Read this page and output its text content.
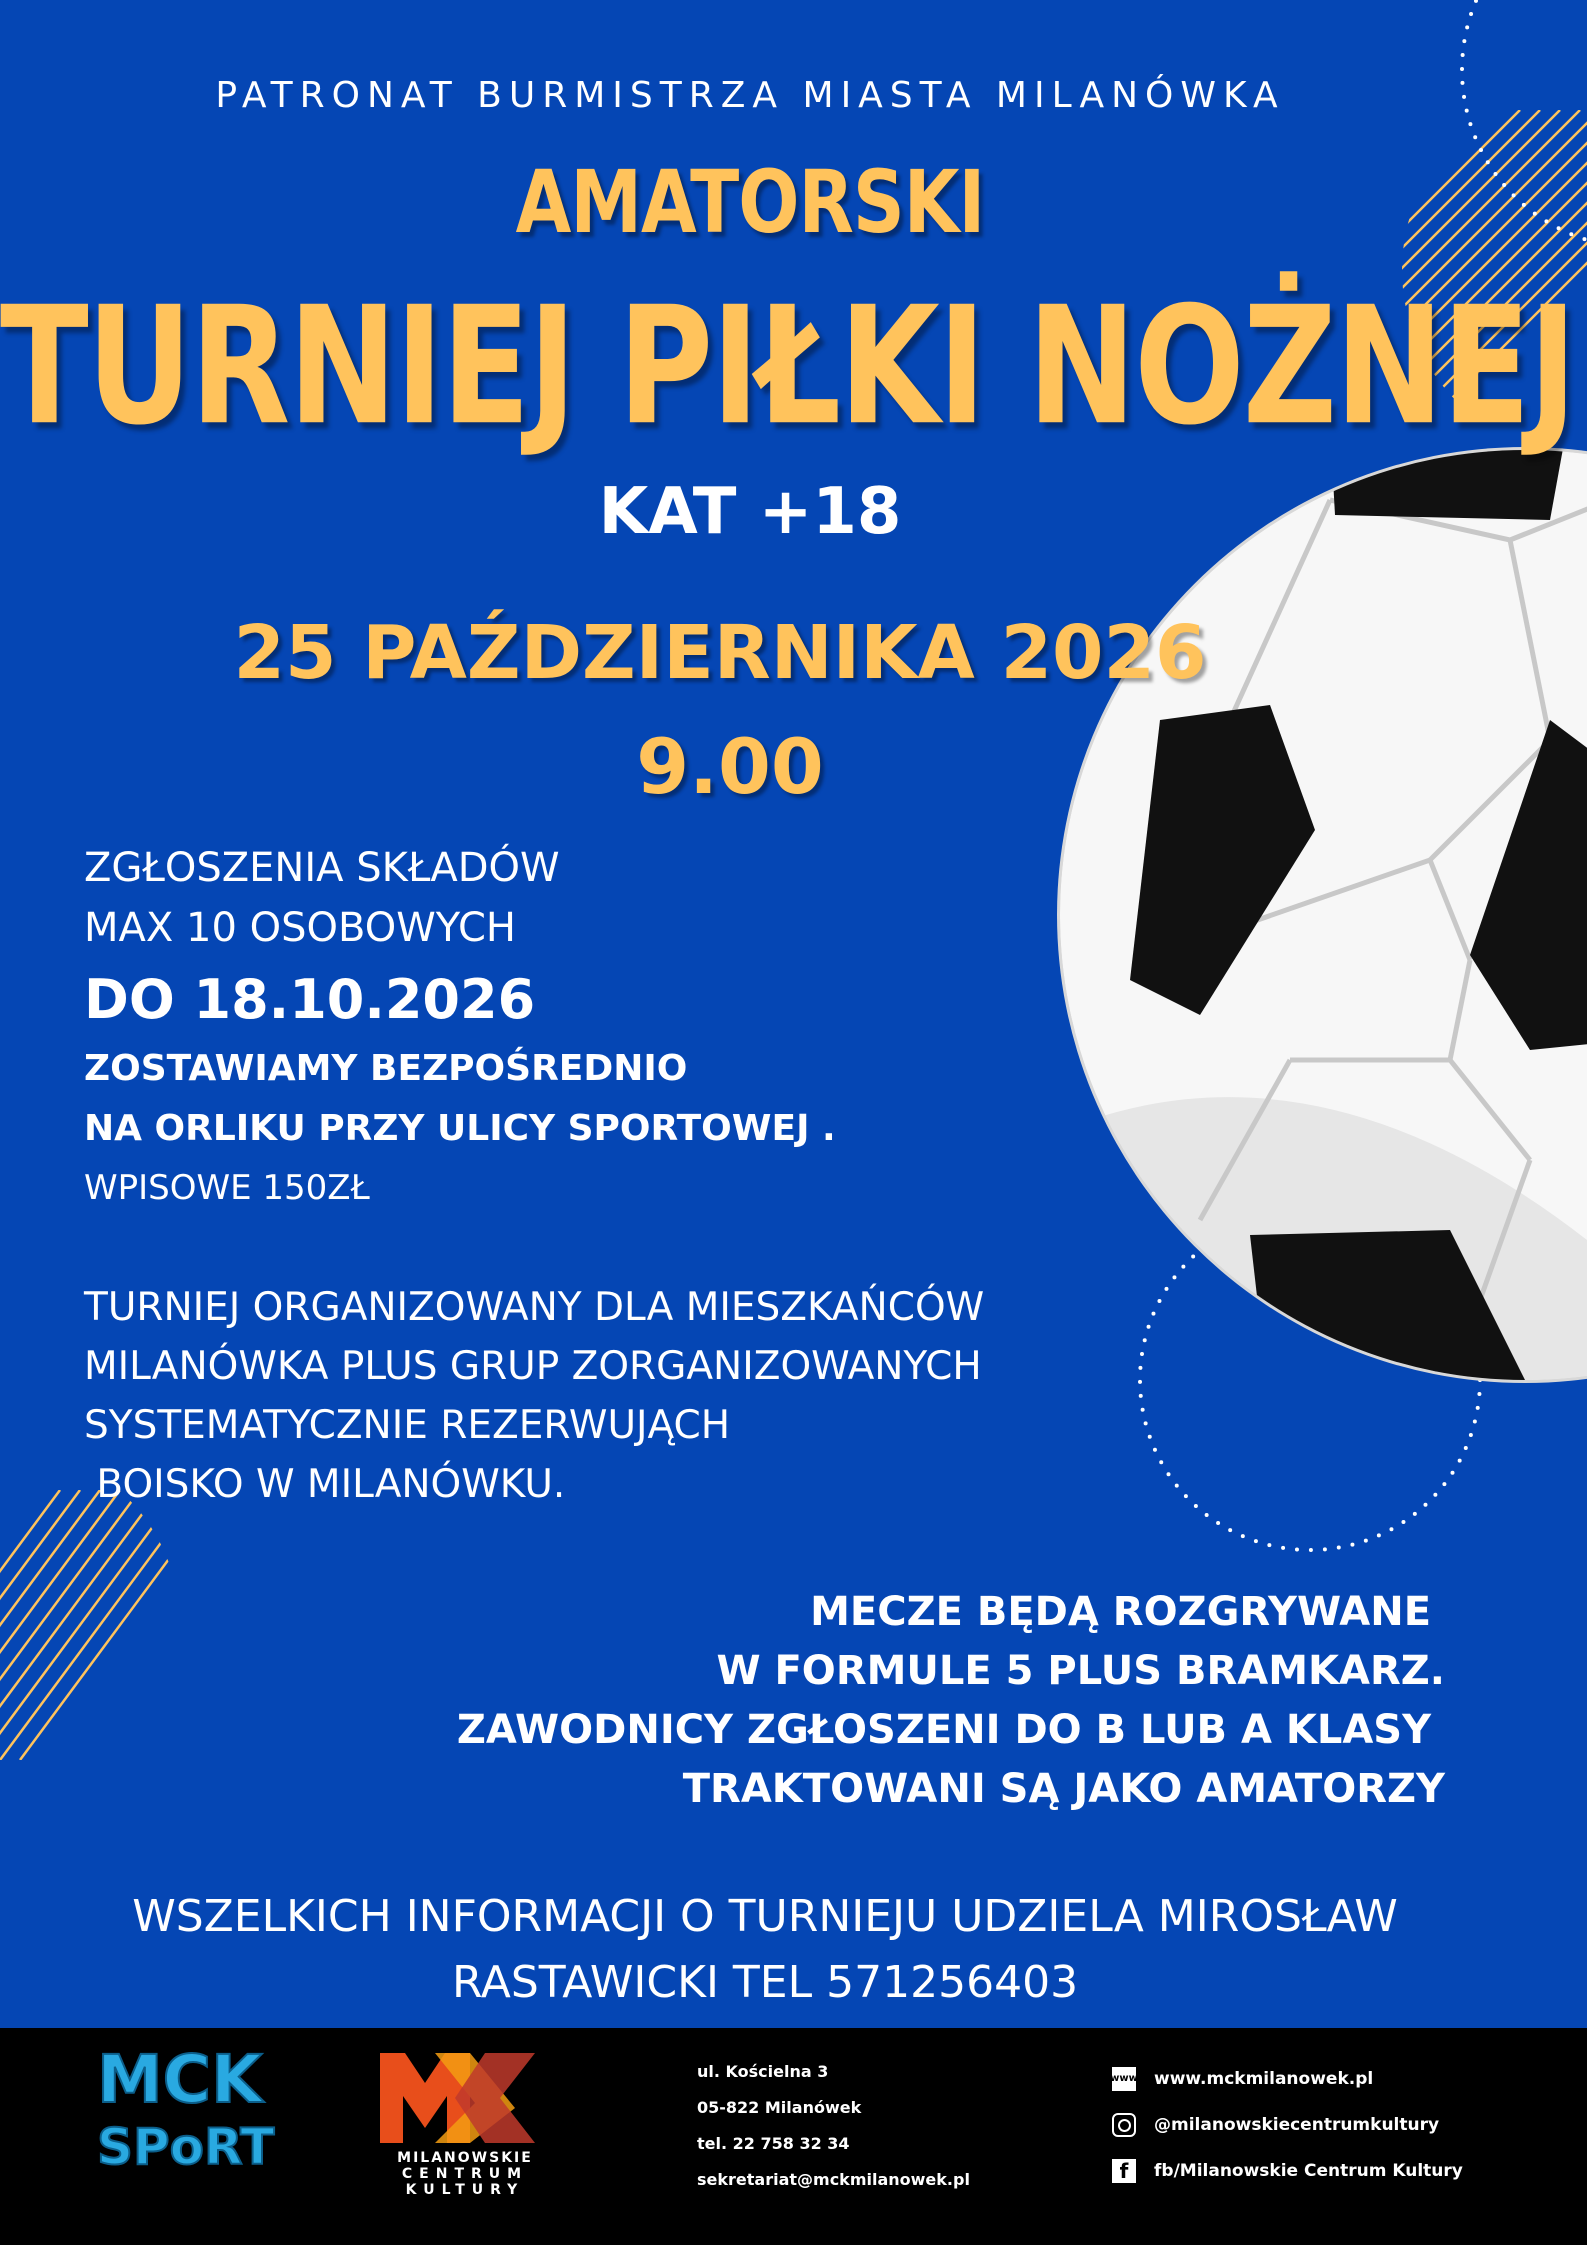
PATRONAT BURMISTRZA MIASTA MILANÓWKA
AMATORSKI
TURNIEJ PIŁKI NOŻNEJ
KAT +18
25 PAŹDZIERNIKA 2026
9.00
ZGŁOSZENIA SKŁADÓW
MAX 10 OSOBOWYCH
DO 18.10.2026
ZOSTAWIAMY BEZPOŚREDNIO
NA ORLIKU PRZY ULICY SPORTOWEJ .
WPISOWE 150ZŁ
TURNIEJ ORGANIZOWANY DLA MIESZKAŃCÓW
MILANÓWKA PLUS GRUP ZORGANIZOWANYCH
SYSTEMATYCZNIE REZERWUJĄCH
BOISKO W MILANÓWKU.
MECZE BĘDĄ ROZGRYWANE
W FORMULE 5 PLUS BRAMKARZ.
ZAWODNICY ZGŁOSZENI DO B LUB A KLASY
TRAKTOWANI SĄ JAKO AMATORZY
WSZELKICH INFORMACJI O TURNIEJU UDZIELA MIROSŁAW
RASTAWICKI TEL 571256403
MCK
SPoRT	MILANOWSKIE
CENTRUM
KULTURY
ul. Kościelna 3
05-822 Milanówek
tel. 22 758 32 34
sekretariat@mckmilanowek.pl
www www.mckmilanowek.pl
@milanowskiecentrumkultury
f	fb/Milanowskie Centrum Kultury
